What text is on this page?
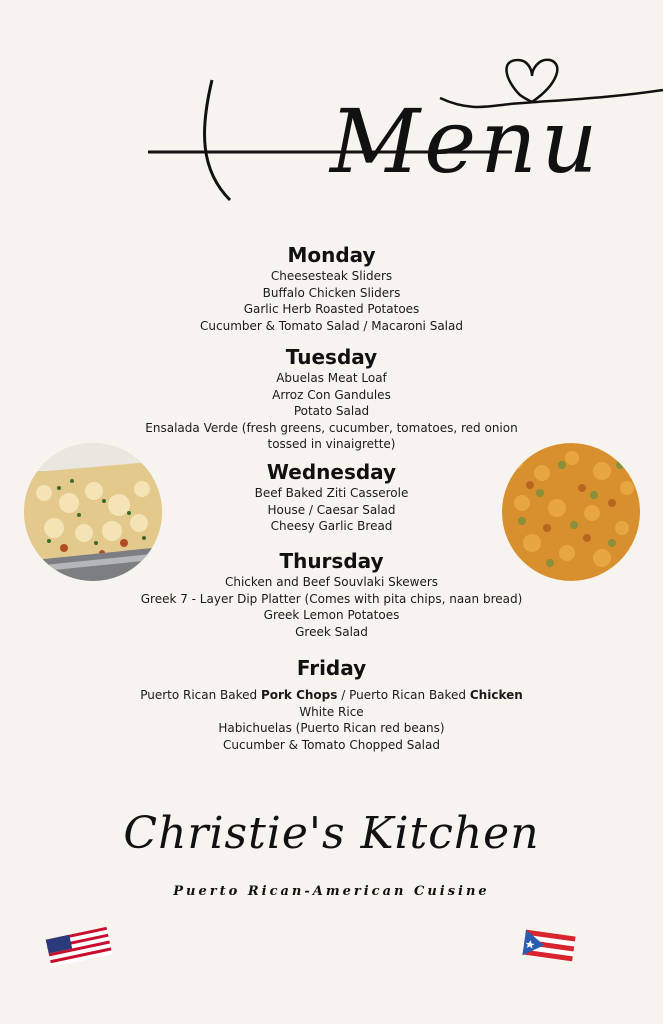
Menu
Monday
Cheesesteak Sliders
Buffalo Chicken Sliders
Garlic Herb Roasted Potatoes
Cucumber & Tomato Salad / Macaroni Salad
Tuesday
Abuelas Meat Loaf
Arroz Con Gandules
Potato Salad
Ensalada Verde (fresh greens, cucumber, tomatoes, red onion
tossed in vinaigrette)
Wednesday
Beef Baked Ziti Casserole
House / Caesar Salad
Cheesy Garlic Bread
Thursday
Chicken and Beef Souvlaki Skewers
Greek 7 - Layer Dip Platter (Comes with pita chips, naan bread)
Greek Lemon Potatoes
Greek Salad
Friday
Puerto Rican Baked Pork Chops / Puerto Rican Baked Chicken
White Rice
Habichuelas (Puerto Rican red beans)
Cucumber & Tomato Chopped Salad
Christie's Kitchen
Puerto Rican-American Cuisine
